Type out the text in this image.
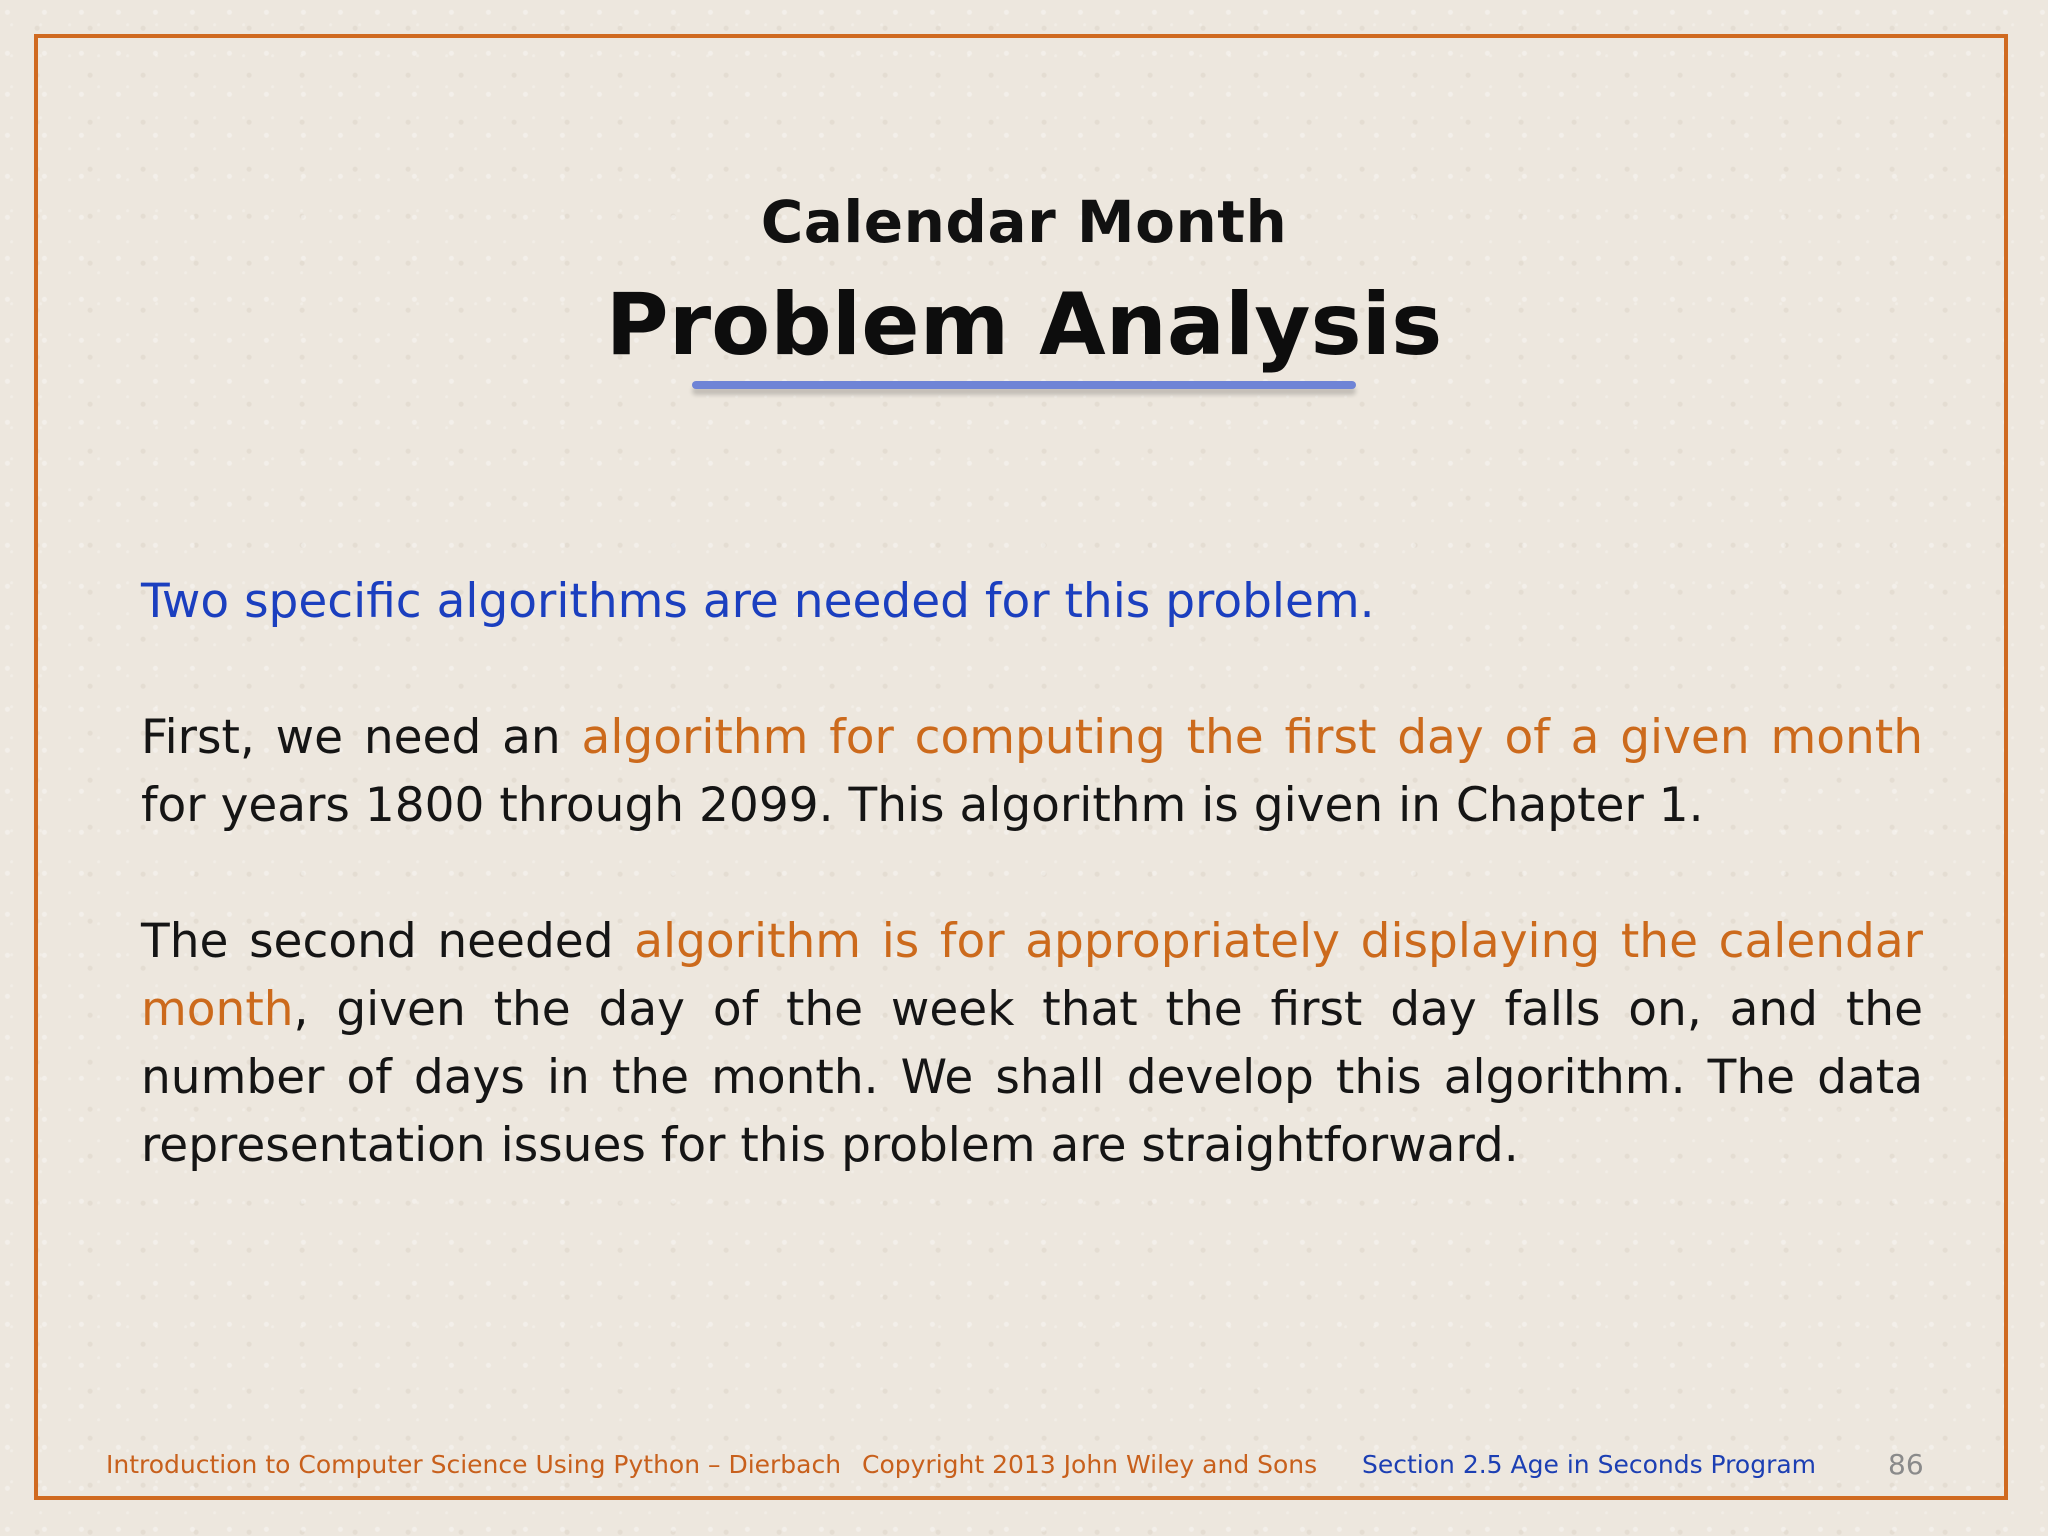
Calendar Month
Problem Analysis

Two specific algorithms are needed for this problem.

First, we need an algorithm for computing the first day of a given month for years 1800 through 2099. This algorithm is given in Chapter 1.

The second needed algorithm is for appropriately displaying the calendar month, given the day of the week that the first day falls on, and the number of days in the month. We shall develop this algorithm. The data representation issues for this problem are straightforward.

Introduction to Computer Science Using Python – Dierbach Copyright 2013 John Wiley and Sons Section 2.5 Age in Seconds Program	86
